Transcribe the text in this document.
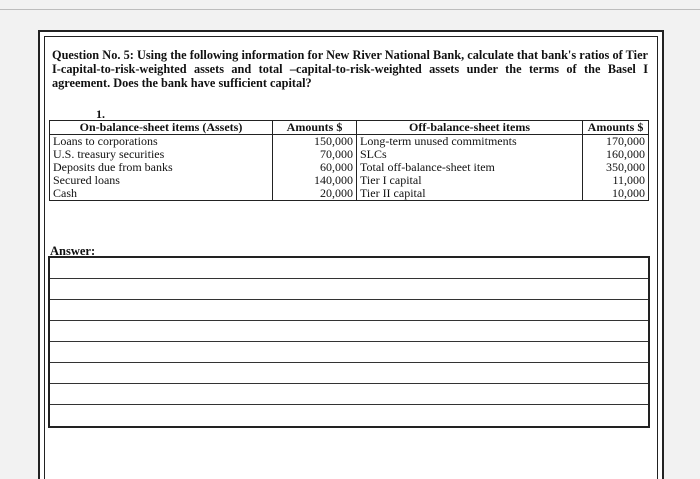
Question No. 5: Using the following information for New River National Bank, calculate that bank's ratios of Tier I-capital-to-risk-weighted assets and total –capital-to-risk-weighted assets under the terms of the Basel I agreement. Does the bank have sufficient capital?
1.
On-balance-sheet items (Assets)	Amounts $	Off-balance-sheet items	Amounts $
Loans to corporations	150,000	Long-term unused commitments	170,000
U.S. treasury securities	70,000	SLCs	160,000
Deposits due from banks	60,000	Total off-balance-sheet item	350,000
Secured loans	140,000	Tier I capital	11,000
Cash	20,000	Tier II capital	10,000
Answer:
